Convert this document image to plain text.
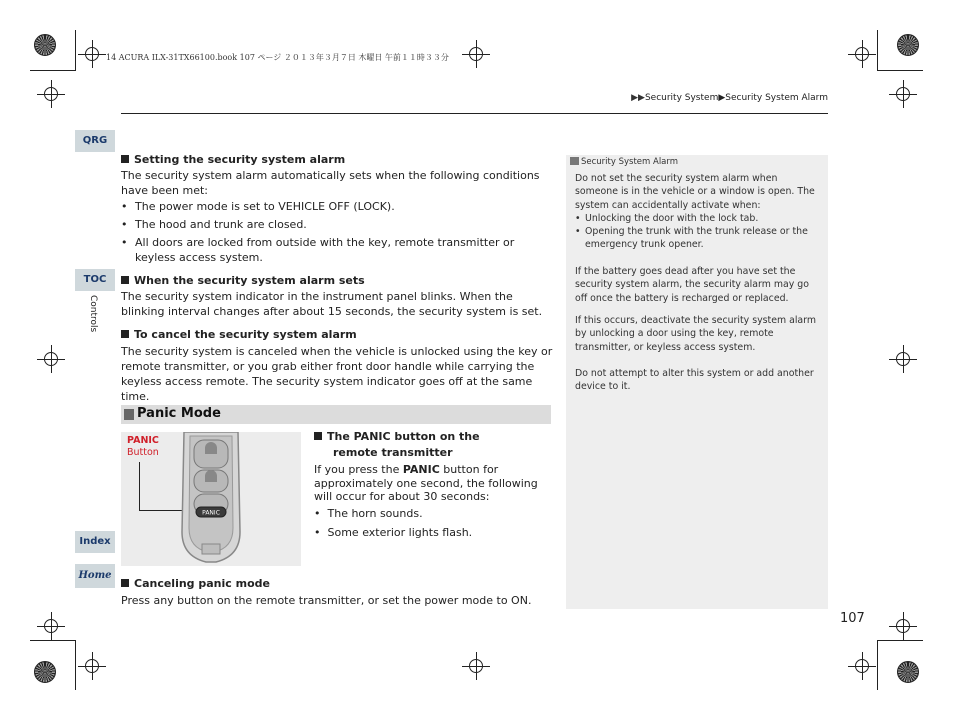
14 ACURA ILX-31TX66100.book 107 ページ ２０１３年３月７日 木曜日 午前１１時３３分
▶▶Security System▶Security System Alarm
QRG
TOC
Controls
Index
Home
Setting the security system alarm
The security system alarm automatically sets when the following conditions have been met:
• The power mode is set to VEHICLE OFF (LOCK).
• The hood and trunk are closed.
• All doors are locked from outside with the key, remote transmitter or keyless access system.
When the security system alarm sets
The security system indicator in the instrument panel blinks. When the blinking interval changes after about 15 seconds, the security system is set.
To cancel the security system alarm
The security system is canceled when the vehicle is unlocked using the key or remote transmitter, or you grab either front door handle while carrying the keyless access remote. The security system indicator goes off at the same time.
Panic Mode
PANIC
Button
PANIC
The PANIC button on the
remote transmitter
If you press the PANIC button for approximately one second, the following will occur for about 30 seconds:
• The horn sounds.
• Some exterior lights flash.
Canceling panic mode
Press any button on the remote transmitter, or set the power mode to ON.
Security System Alarm
Do not set the security system alarm when someone is in the vehicle or a window is open. The system can accidentally activate when:
• Unlocking the door with the lock tab.
• Opening the trunk with the trunk release or the emergency trunk opener.
If the battery goes dead after you have set the security system alarm, the security alarm may go off once the battery is recharged or replaced.
If this occurs, deactivate the security system alarm by unlocking a door using the key, remote transmitter, or keyless access system.
Do not attempt to alter this system or add another device to it.
107
